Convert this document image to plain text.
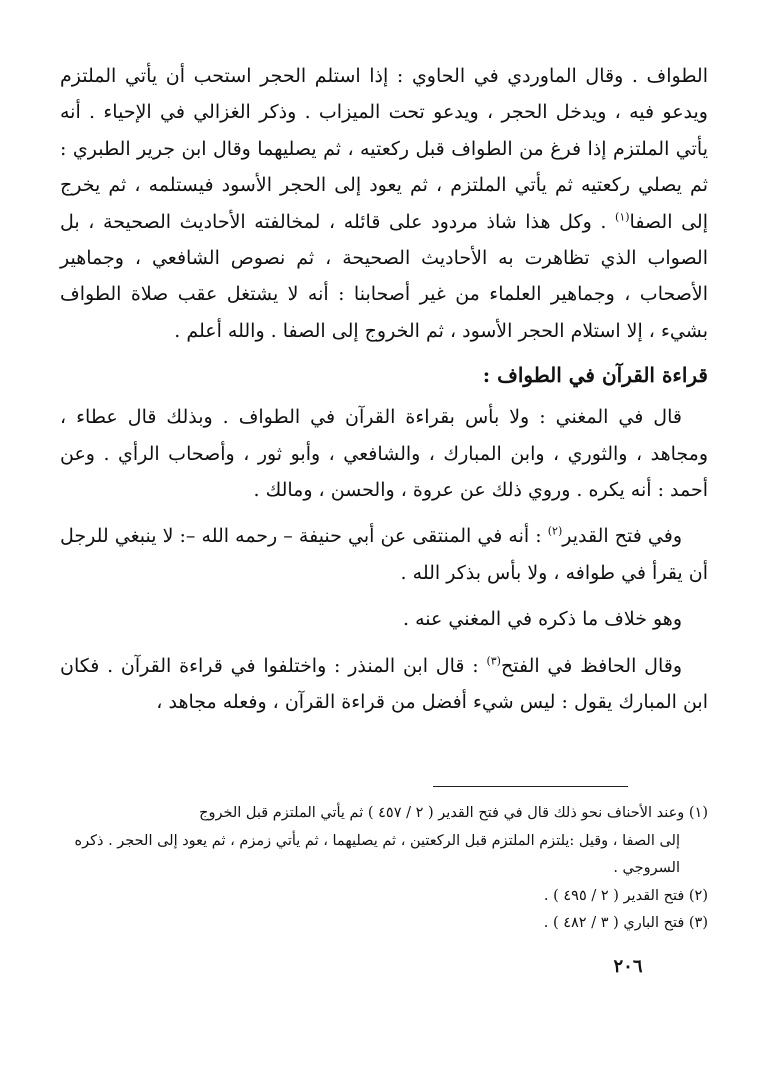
الطواف . وقال الماوردي في الحاوي : إذا استلم الحجر استحب أن يأتي الملتزم ويدعو فيه ، ويدخل الحجر ، ويدعو تحت الميزاب . وذكر الغزالي في الإحياء . أنه يأتي الملتزم إذا فرغ من الطواف قبل ركعتيه ، ثم يصليهما وقال ابن جرير الطبري : ثم يصلي ركعتيه ثم يأتي الملتزم ، ثم يعود إلى الحجر الأسود فيستلمه ، ثم يخرج إلى الصفا$^{(١)}$ . وكل هذا شاذ مردود على قائله ، لمخالفته الأحاديث الصحيحة ، بل الصواب الذي تظاهرت به الأحاديث الصحيحة ، ثم نصوص الشافعي ، وجماهير الأصحاب ، وجماهير العلماء من غير أصحابنا : أنه لا يشتغل عقب صلاة الطواف بشيء ، إلا استلام الحجر الأسود ، ثم الخروج إلى الصفا . والله أعلم .

قراءة القرآن في الطواف :

قال في المغني : ولا بأس بقراءة القرآن في الطواف . وبذلك قال عطاء ، ومجاهد ، والثوري ، وابن المبارك ، والشافعي ، وأبو ثور ، وأصحاب الرأي . وعن أحمد : أنه يكره . وروي ذلك عن عروة ، والحسن ، ومالك .

وفي فتح القدير$^{(٢)}$ : أنه في المنتقى عن أبي حنيفة – رحمه الله –: لا ينبغي للرجل أن يقرأ في طوافه ، ولا بأس بذكر الله .

وهو خلاف ما ذكره في المغني عنه .

وقال الحافظ في الفتح$^{(٣)}$ : قال ابن المنذر : واختلفوا في قراءة القرآن . فكان ابن المبارك يقول : ليس شيء أفضل من قراءة القرآن ، وفعله مجاهد ،

(١) وعند الأحناف نحو ذلك قال في فتح القدير ( ٢ / ٤٥٧ ) ثم يأتي الملتزم قبل الخروج
إلى الصفا ، وقيل :يلتزم الملتزم قبل الركعتين ، ثم يصليهما ، ثم يأتي زمزم ، ثم يعود إلى الحجر . ذكره السروجي .

(٢) فتح القدير ( ٢ / ٤٩٥ ) .

(٣) فتح الباري ( ٣ / ٤٨٢ ) .

٢٠٦
